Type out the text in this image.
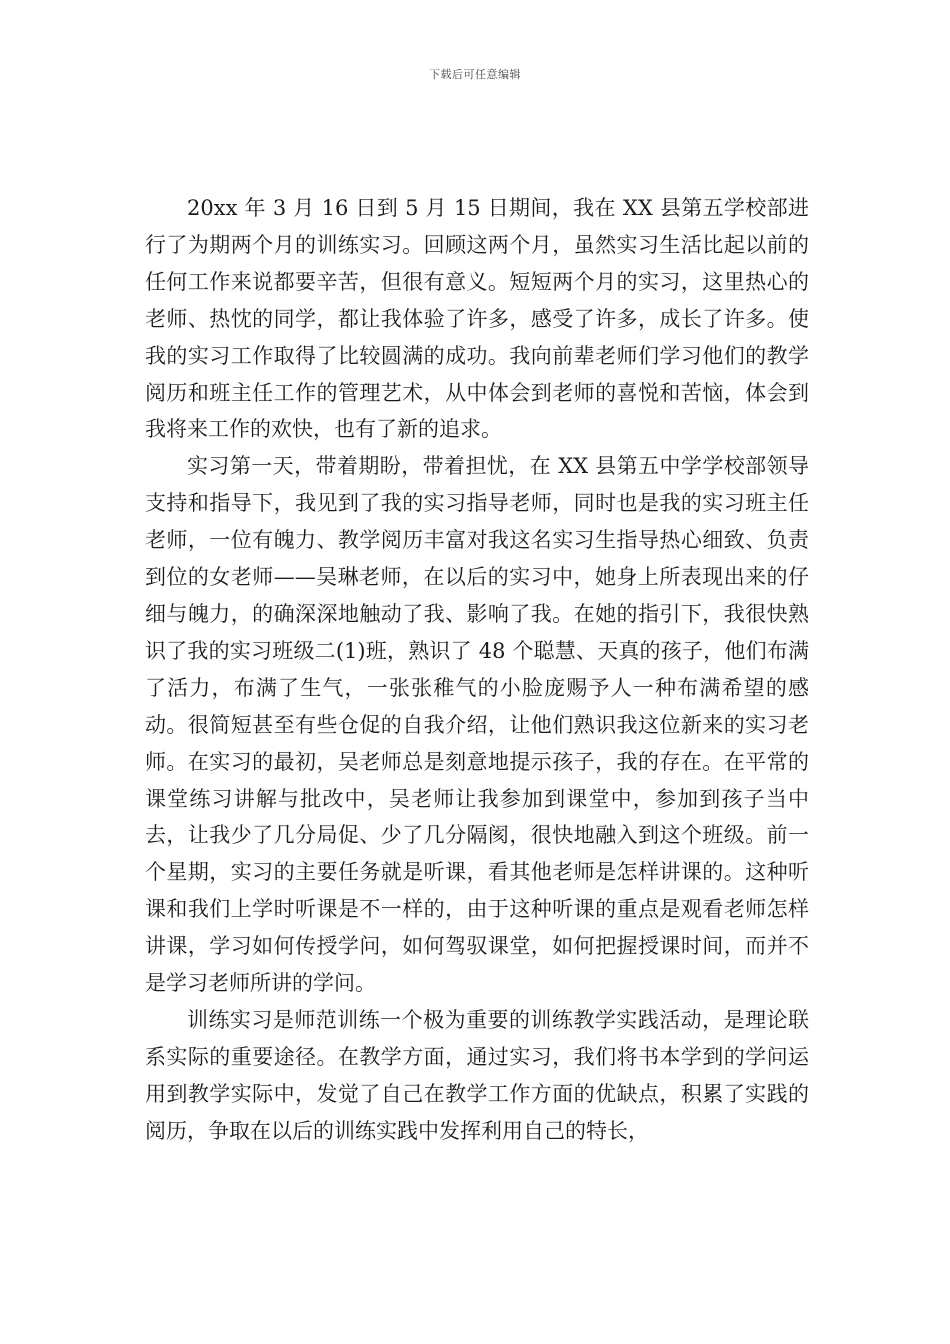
下载后可任意编辑

20xx 年 3 月 16 日到 5 月 15 日期间，我在 XX 县第五学校部进行了为期两个月的训练实习。回顾这两个月，虽然实习生活比起以前的任何工作来说都要辛苦，但很有意义。短短两个月的实习，这里热心的老师、热忱的同学，都让我体验了许多，感受了许多，成长了许多。使我的实习工作取得了比较圆满的成功。我向前辈老师们学习他们的教学阅历和班主任工作的管理艺术，从中体会到老师的喜悦和苦恼，体会到我将来工作的欢快，也有了新的追求。

实习第一天，带着期盼，带着担忧，在 XX 县第五中学学校部领导支持和指导下，我见到了我的实习指导老师，同时也是我的实习班主任老师，一位有魄力、教学阅历丰富对我这名实习生指导热心细致、负责到位的女老师——吴琳老师，在以后的实习中，她身上所表现出来的仔细与魄力，的确深深地触动了我、影响了我。在她的指引下，我很快熟识了我的实习班级二(1)班，熟识了 48 个聪慧、天真的孩子，他们布满了活力，布满了生气，一张张稚气的小脸庞赐予人一种布满希望的感动。很简短甚至有些仓促的自我介绍，让他们熟识我这位新来的实习老师。在实习的最初，吴老师总是刻意地提示孩子，我的存在。在平常的课堂练习讲解与批改中，吴老师让我参加到课堂中，参加到孩子当中去，让我少了几分局促、少了几分隔阂，很快地融入到这个班级。前一个星期，实习的主要任务就是听课，看其他老师是怎样讲课的。这种听课和我们上学时听课是不一样的，由于这种听课的重点是观看老师怎样讲课，学习如何传授学问，如何驾驭课堂，如何把握授课时间，而并不是学习老师所讲的学问。

训练实习是师范训练一个极为重要的训练教学实践活动，是理论联系实际的重要途径。在教学方面，通过实习，我们将书本学到的学问运用到教学实际中，发觉了自己在教学工作方面的优缺点，积累了实践的阅历，争取在以后的训练实践中发挥利用自己的特长，
